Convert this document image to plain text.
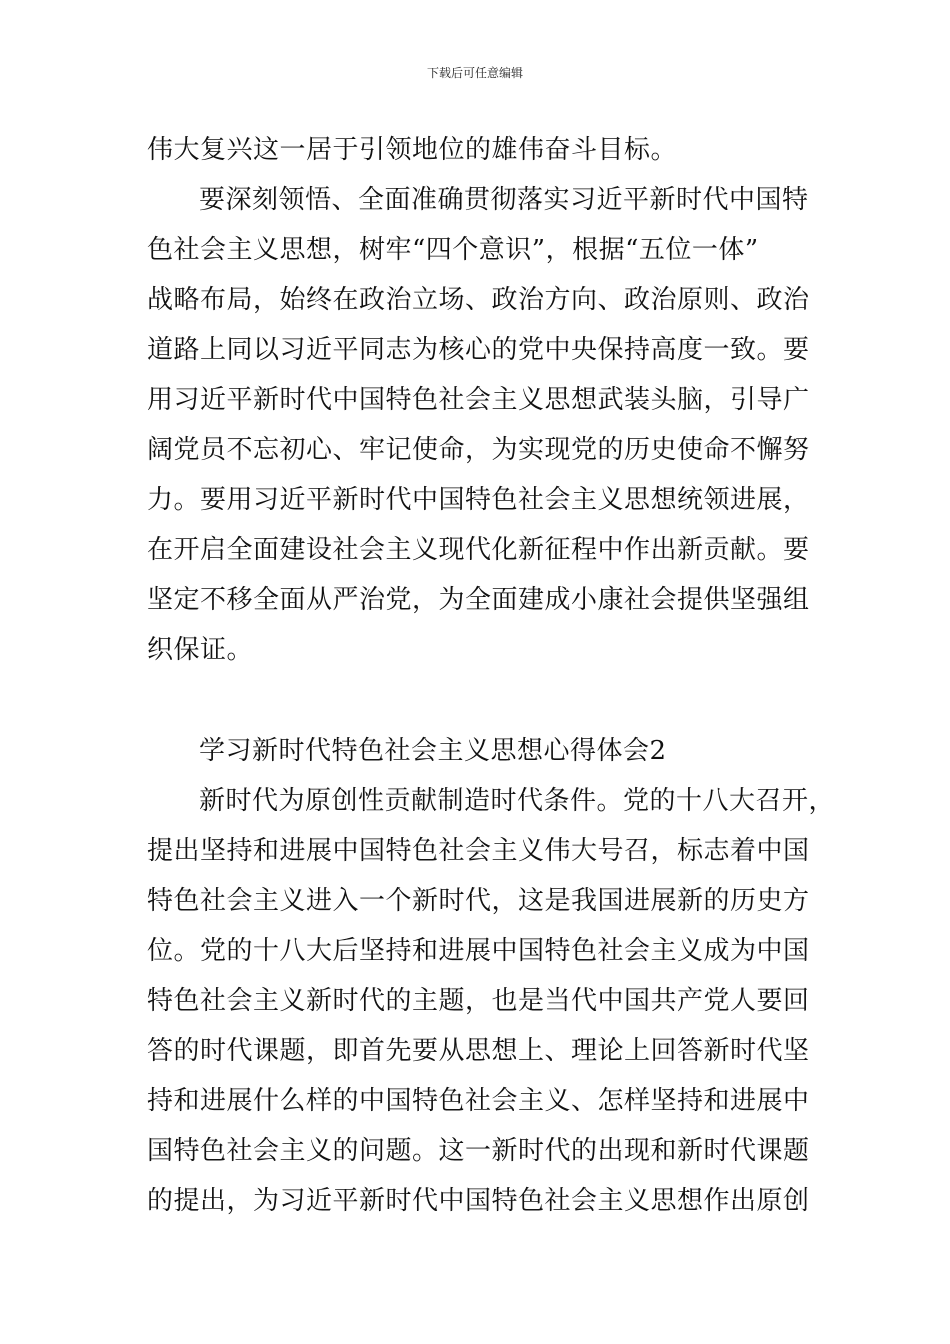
下载后可任意编辑
伟大复兴这一居于引领地位的雄伟奋斗目标。
要深刻领悟、全面准确贯彻落实习近平新时代中国特
色社会主义思想，树牢“四个意识”，根据“五位一体”
战略布局，始终在政治立场、政治方向、政治原则、政治
道路上同以习近平同志为核心的党中央保持高度一致。要
用习近平新时代中国特色社会主义思想武装头脑，引导广
阔党员不忘初心、牢记使命，为实现党的历史使命不懈努
力。要用习近平新时代中国特色社会主义思想统领进展，
在开启全面建设社会主义现代化新征程中作出新贡献。要
坚定不移全面从严治党，为全面建成小康社会提供坚强组
织保证。
学习新时代特色社会主义思想心得体会2
新时代为原创性贡献制造时代条件。党的十八大召开，
提出坚持和进展中国特色社会主义伟大号召，标志着中国
特色社会主义进入一个新时代，这是我国进展新的历史方
位。党的十八大后坚持和进展中国特色社会主义成为中国
特色社会主义新时代的主题，也是当代中国共产党人要回
答的时代课题，即首先要从思想上、理论上回答新时代坚
持和进展什么样的中国特色社会主义、怎样坚持和进展中
国特色社会主义的问题。这一新时代的出现和新时代课题
的提出，为习近平新时代中国特色社会主义思想作出原创
